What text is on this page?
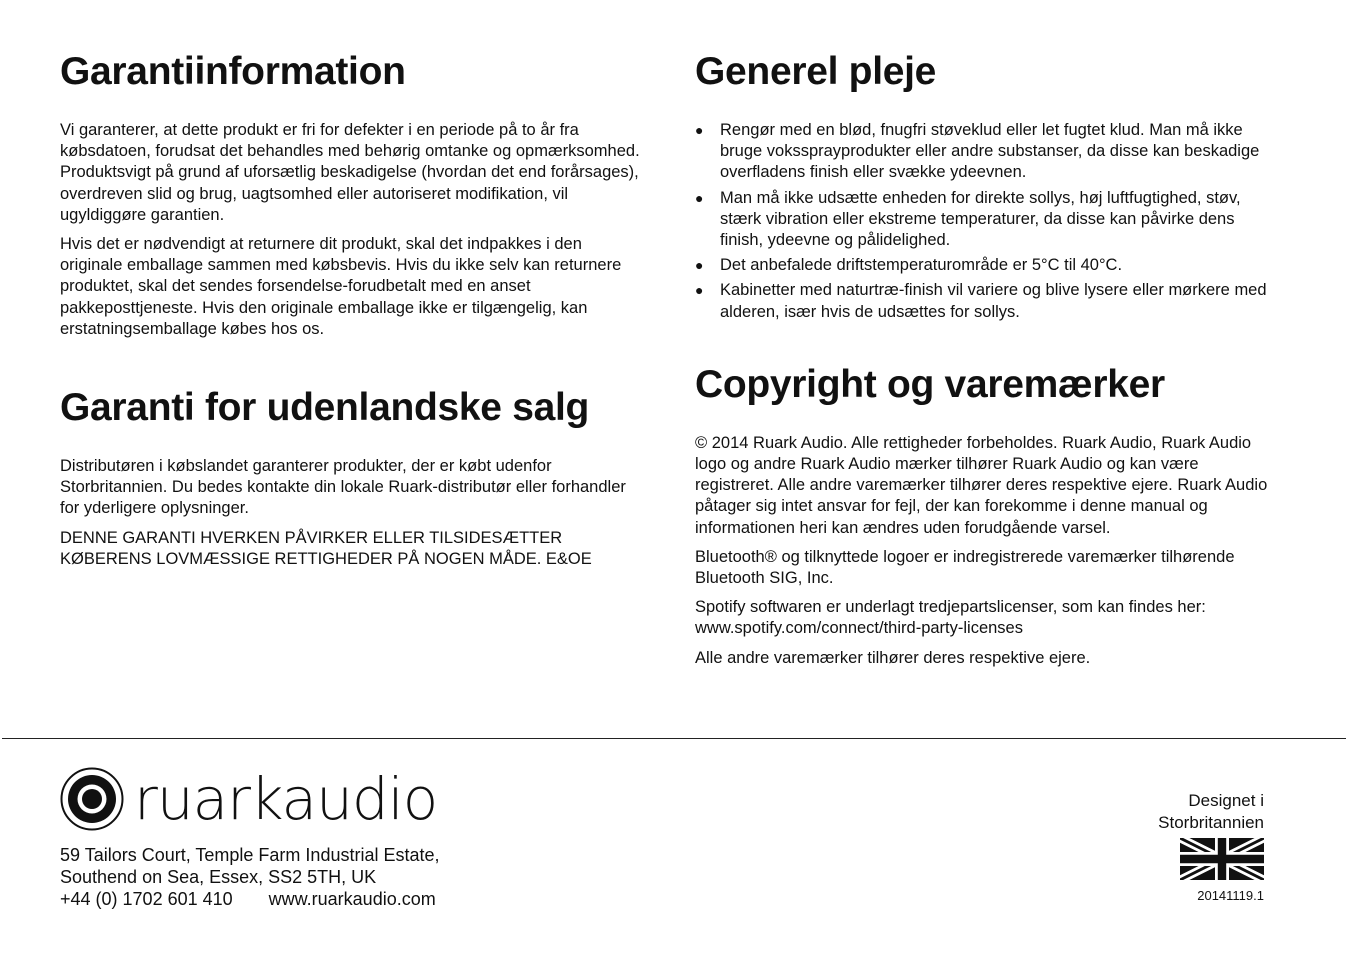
Garantiinformation

Vi garanterer, at dette produkt er fri for defekter i en periode på to år fra købsdatoen, forudsat det behandles med behørig omtanke og opmærksomhed. Produktsvigt på grund af uforsætlig beskadigelse (hvordan det end forårsages), overdreven slid og brug, uagtsomhed eller autoriseret modifikation, vil ugyldiggøre garantien.

Hvis det er nødvendigt at returnere dit produkt, skal det indpakkes i den originale emballage sammen med købsbevis. Hvis du ikke selv kan returnere produktet, skal det sendes forsendelse-forudbetalt med en anset pakkeposttjeneste. Hvis den originale emballage ikke er tilgængelig, kan erstatningsemballage købes hos os.

Garanti for udenlandske salg

Distributøren i købslandet garanterer produkter, der er købt udenfor Storbritannien. Du bedes kontakte din lokale Ruark-distributør eller forhandler for yderligere oplysninger.

DENNE GARANTI HVERKEN PÅVIRKER ELLER TILSIDESÆTTER KØBERENS LOVMÆSSIGE RETTIGHEDER PÅ NOGEN MÅDE. E&OE

Generel pleje
● Rengør med en blød, fnugfri støveklud eller let fugtet klud. Man må ikke bruge vokssprayprodukter eller andre substanser, da disse kan beskadige overfladens finish eller svække ydeevnen.
● Man må ikke udsætte enheden for direkte sollys, høj luftfugtighed, støv, stærk vibration eller ekstreme temperaturer, da disse kan påvirke dens finish, ydeevne og pålidelighed.
● Det anbefalede driftstemperaturområde er 5°C til 40°C.
● Kabinetter med naturtræ-finish vil variere og blive lysere eller mørkere med alderen, især hvis de udsættes for sollys.
Copyright og varemærker

© 2014 Ruark Audio. Alle rettigheder forbeholdes. Ruark Audio, Ruark Audio logo og andre Ruark Audio mærker tilhører Ruark Audio og kan være registreret. Alle andre varemærker tilhører deres respektive ejere. Ruark Audio påtager sig intet ansvar for fejl, der kan forekomme i denne manual og informationen heri kan ændres uden forudgående varsel.

Bluetooth® og tilknyttede logoer er indregistrerede varemærker tilhørende Bluetooth SIG, Inc.

Spotify softwaren er underlagt tredjepartslicenser, som kan findes her: www.spotify.com/connect/third-party-licenses

Alle andre varemærker tilhører deres respektive ejere.

ruarkaudio
59 Tailors Court, Temple Farm Industrial Estate,
Southend on Sea, Essex, SS2 5TH, UK
+44 (0) 1702 601 410 www.ruarkaudio.com
Designet i
Storbritannien
20141119.1
